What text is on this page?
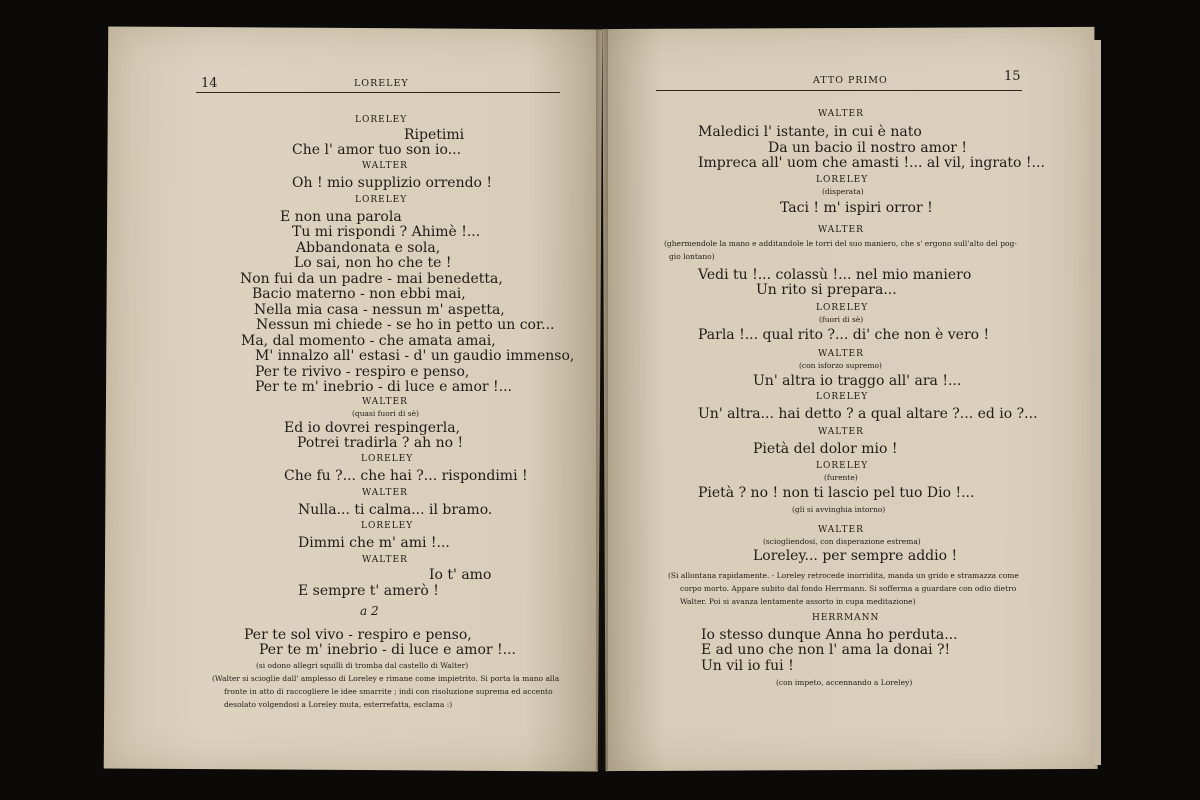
14	LORELEY
LORELEY
Ripetimi
Che l' amor tuo son io...
WALTER
Oh ! mio supplizio orrendo !
LORELEY
E non una parola
Tu mi rispondi ? Ahimè !...
Abbandonata e sola,
Lo sai, non ho che te !
Non fui da un padre - mai benedetta,
Bacio materno - non ebbi mai,
Nella mia casa - nessun m' aspetta,
Nessun mi chiede - se ho in petto un cor...
Ma, dal momento - che amata amai,
M' innalzo all' estasi - d' un gaudio immenso,
Per te rivivo - respiro e penso,
Per te m' inebrio - di luce e amor !...
WALTER
(quasi fuori di sè)
Ed io dovrei respingerla,
Potrei tradirla ? ah no !
LORELEY
Che fu ?... che hai ?... rispondimi !
WALTER
Nulla... ti calma... il bramo.
LORELEY
Dimmi che m' ami !...
WALTER
Io t' amo
E sempre t' amerò !
a 2
Per te sol vivo - respiro e penso,
Per te m' inebrio - di luce e amor !...
(si odono allegri squilli di tromba dal castello di Walter)
(Walter si scioglie dall' amplesso di Loreley e rimane come impietrito. Si porta la mano alla
fronte in atto di raccogliere le idee smarrite ; indi con risoluzione suprema ed accento
desolato volgendosi a Loreley muta, esterrefatta, esclama :)
ATTO PRIMO	15
WALTER
Maledici l' istante, in cui è nato
Da un bacio il nostro amor !
Impreca all' uom che amasti !... al vil, ingrato !...
LORELEY
(disperata)
Taci ! m' ispiri orror !
WALTER
(ghermendole la mano e additandole le torri del suo maniero, che s' ergono sull'alto del pog-
gio lontano)
Vedi tu !... colassù !... nel mio maniero
Un rito si prepara...
LORELEY
(fuori di sè)
Parla !... qual rito ?... di' che non è vero !
WALTER
(con isforzo supremo)
Un' altra io traggo all' ara !...
LORELEY
Un' altra... hai detto ? a qual altare ?... ed io ?...
WALTER
Pietà del dolor mio !
LORELEY
(furente)
Pietà ? no ! non ti lascio pel tuo Dio !...
(gli si avvinghia intorno)
WALTER
(sciogliendosi, con disperazione estrema)
Loreley... per sempre addio !
(Si allontana rapidamente. - Loreley retrocede inorridita, manda un grido e stramazza come
corpo morto. Appare subito dal fondo Herrmann. Si sofferma a guardare con odio dietro
Walter. Poi si avanza lentamente assorto in cupa meditazione)
HERRMANN
Io stesso dunque Anna ho perduta...
E ad uno che non l' ama la donai ?!
Un vil io fui !
(con impeto, accennando a Loreley)
